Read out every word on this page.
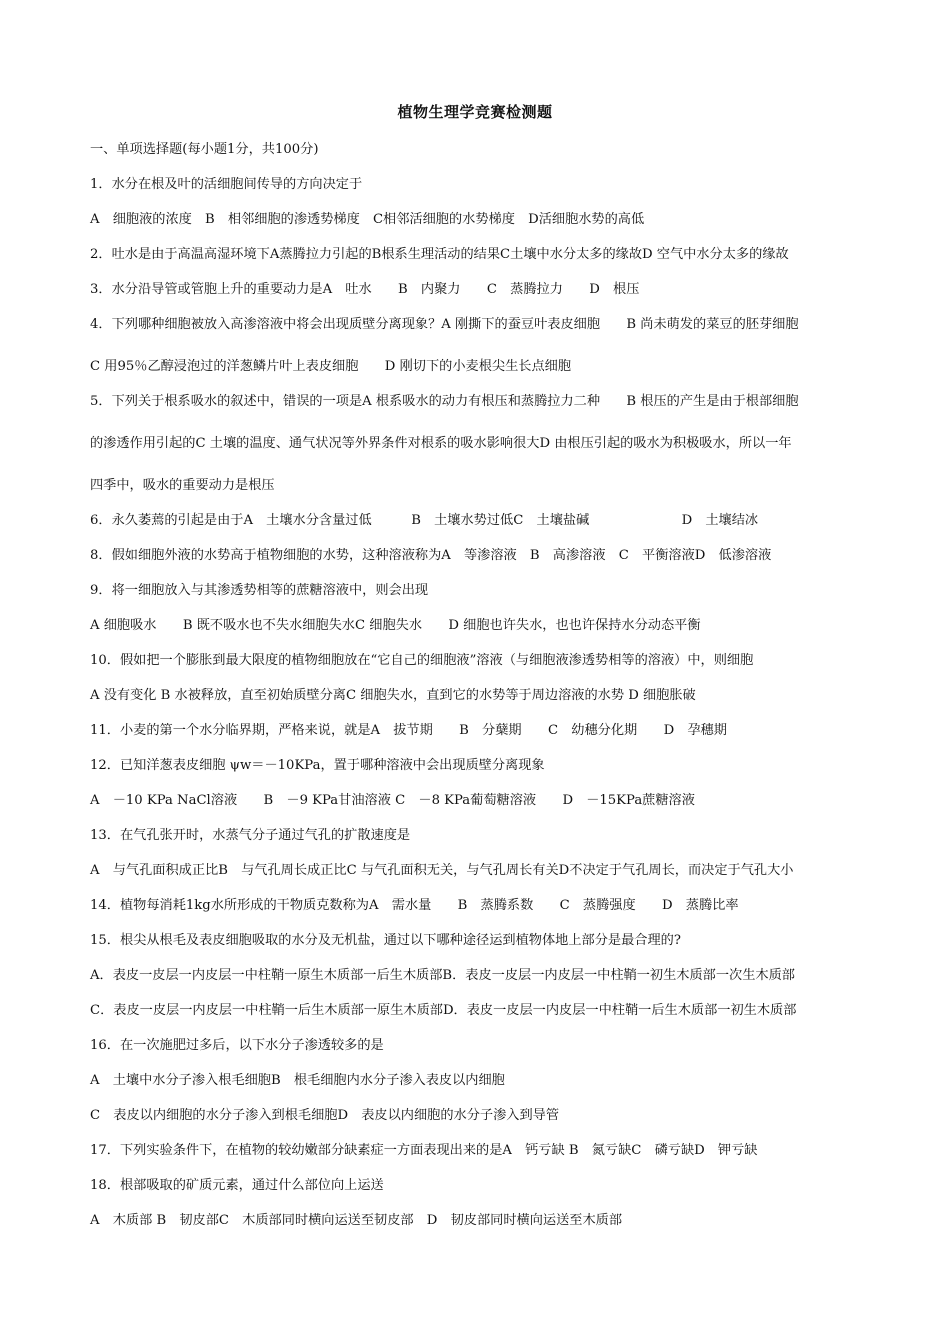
植物生理学竞赛检测题
一、单项选择题(每小题1分，共100分)
1．水分在根及叶的活细胞间传导的方向决定于
A　细胞液的浓度　B　相邻细胞的渗透势梯度　C相邻活细胞的水势梯度　D活细胞水势的高低
2．吐水是由于高温高湿环境下A蒸腾拉力引起的B根系生理活动的结果C土壤中水分太多的缘故D 空气中水分太多的缘故
3．水分沿导管或管胞上升的重要动力是A　吐水　　B　内聚力　　C　蒸腾拉力　　D　根压
4．下列哪种细胞被放入高渗溶液中将会出现质壁分离现象？A 刚撕下的蚕豆叶表皮细胞　　B 尚未萌发的菜豆的胚芽细胞
C 用95％乙醇浸泡过的洋葱鳞片叶上表皮细胞　　D 刚切下的小麦根尖生长点细胞
5．下列关于根系吸水的叙述中，错误的一项是A 根系吸水的动力有根压和蒸腾拉力二种　　B 根压的产生是由于根部细胞
的渗透作用引起的C 土壤的温度、通气状况等外界条件对根系的吸水影响很大D 由根压引起的吸水为积极吸水，所以一年
四季中，吸水的重要动力是根压
6．永久萎蔫的引起是由于A　土壤水分含量过低　　　B　土壤水势过低C　土壤盐碱　　　　　　　D　土壤结冰
8．假如细胞外液的水势高于植物细胞的水势，这种溶液称为A　等渗溶液　B　高渗溶液　C　平衡溶液D　低渗溶液
9．将一细胞放入与其渗透势相等的蔗糖溶液中，则会出现
A 细胞吸水　　B 既不吸水也不失水细胞失水C 细胞失水　　D 细胞也许失水，也也许保持水分动态平衡
10．假如把一个膨胀到最大限度的植物细胞放在“它自己的细胞液”溶液（与细胞液渗透势相等的溶液）中，则细胞
A 没有变化 B 水被释放，直至初始质壁分离C 细胞失水，直到它的水势等于周边溶液的水势 D 细胞胀破
11．小麦的第一个水分临界期，严格来说，就是A　拔节期　　B　分蘖期　　C　幼穗分化期　　D　孕穗期
12．已知洋葱表皮细胞 ψw＝－10KPa，置于哪种溶液中会出现质壁分离现象
A　－10 KPa NaCl溶液　　B　－9 KPa甘油溶液 C　－8 KPa葡萄糖溶液　　D　－15KPa蔗糖溶液
13．在气孔张开时，水蒸气分子通过气孔的扩散速度是
A　与气孔面积成正比B　与气孔周长成正比C 与气孔面积无关，与气孔周长有关D不决定于气孔周长，而决定于气孔大小
14．植物每消耗1kg水所形成的干物质克数称为A　需水量　　B　蒸腾系数　　C　蒸腾强度　　D　蒸腾比率
15．根尖从根毛及表皮细胞吸取的水分及无机盐，通过以下哪种途径运到植物体地上部分是最合理的?
A．表皮一皮层一内皮层一中柱鞘一原生木质部一后生木质部B．表皮一皮层一内皮层一中柱鞘一初生木质部一次生木质部
C．表皮一皮层一内皮层一中柱鞘一后生木质部一原生木质部D．表皮一皮层一内皮层一中柱鞘一后生木质部一初生木质部
16．在一次施肥过多后，以下水分子渗透较多的是
A　土壤中水分子渗入根毛细胞B　根毛细胞内水分子渗入表皮以内细胞
C　表皮以内细胞的水分子渗入到根毛细胞D　表皮以内细胞的水分子渗入到导管
17．下列实验条件下，在植物的较幼嫩部分缺素症一方面表现出来的是A　钙亏缺 B　氮亏缺C　磷亏缺D　钾亏缺
18．根部吸取的矿质元素，通过什么部位向上运送
A　木质部 B　韧皮部C　木质部同时横向运送至韧皮部　D　韧皮部同时横向运送至木质部
